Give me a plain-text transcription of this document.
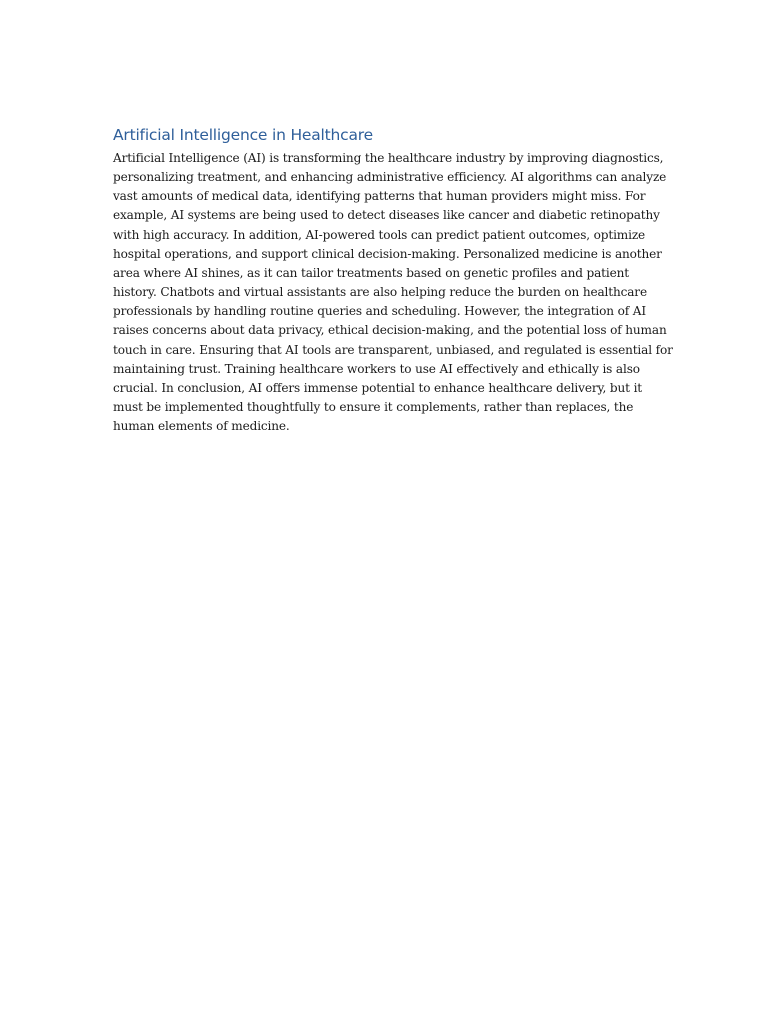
Artificial Intelligence in Healthcare

Artificial Intelligence (AI) is transforming the healthcare industry by improving diagnostics,
personalizing treatment, and enhancing administrative efficiency. AI algorithms can analyze
vast amounts of medical data, identifying patterns that human providers might miss. For
example, AI systems are being used to detect diseases like cancer and diabetic retinopathy
with high accuracy. In addition, AI-powered tools can predict patient outcomes, optimize
hospital operations, and support clinical decision-making. Personalized medicine is another
area where AI shines, as it can tailor treatments based on genetic profiles and patient
history. Chatbots and virtual assistants are also helping reduce the burden on healthcare
professionals by handling routine queries and scheduling. However, the integration of AI
raises concerns about data privacy, ethical decision-making, and the potential loss of human
touch in care. Ensuring that AI tools are transparent, unbiased, and regulated is essential for
maintaining trust. Training healthcare workers to use AI effectively and ethically is also
crucial. In conclusion, AI offers immense potential to enhance healthcare delivery, but it
must be implemented thoughtfully to ensure it complements, rather than replaces, the
human elements of medicine.
